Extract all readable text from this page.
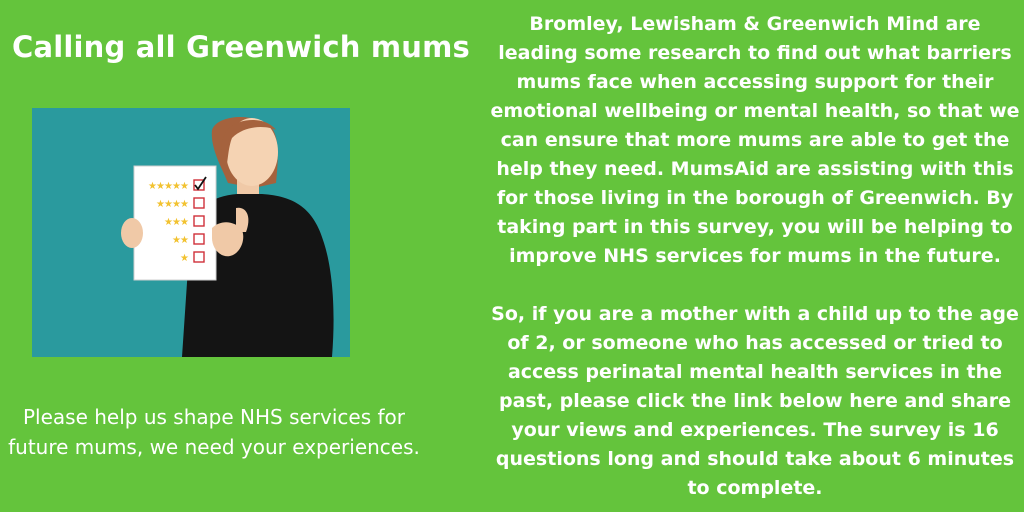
Calling all Greenwich mums
★ ★ ★ ★ ★
★ ★ ★ ★
★ ★ ★
★ ★
★
Please help us shape NHS services for future mums, we need your experiences.

Bromley, Lewisham & Greenwich Mind are leading some research to find out what barriers mums face when accessing support for their emotional wellbeing or mental health, so that we can ensure that more mums are able to get the help they need. MumsAid are assisting with this for those living in the borough of Greenwich. By taking part in this survey, you will be helping to improve NHS services for mums in the future.

So, if you are a mother with a child up to the age of 2, or someone who has accessed or tried to access perinatal mental health services in the past, please click the link below here and share your views and experiences. The survey is 16 questions long and should take about 6 minutes to complete.
